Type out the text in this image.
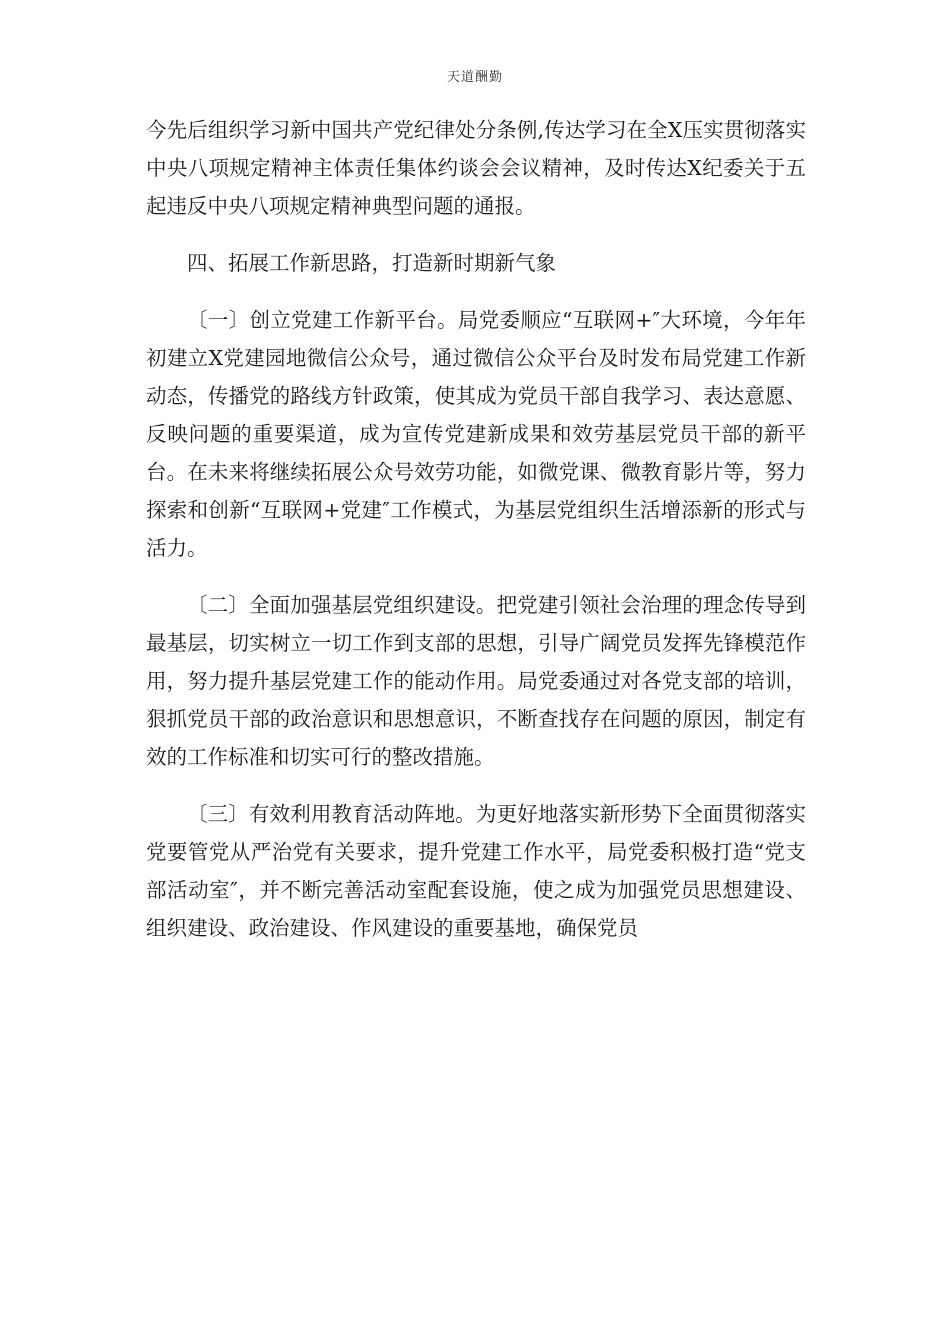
天道酬勤

今先后组织学习新中国共产党纪律处分条例,传达学习在全X压实贯彻落实中央八项规定精神主体责任集体约谈会会议精神，及时传达X纪委关于五起违反中央八项规定精神典型问题的通报。

四、拓展工作新思路，打造新时期新气象

〔一〕创立党建工作新平台。局党委顺应“互联网+″大环境，今年年初建立X党建园地微信公众号，通过微信公众平台及时发布局党建工作新动态，传播党的路线方针政策，使其成为党员干部自我学习、表达意愿、反映问题的重要渠道，成为宣传党建新成果和效劳基层党员干部的新平台。在未来将继续拓展公众号效劳功能，如微党课、微教育影片等，努力探索和创新“互联网+党建″工作模式，为基层党组织生活增添新的形式与活力。

〔二〕全面加强基层党组织建设。把党建引领社会治理的理念传导到最基层，切实树立一切工作到支部的思想，引导广阔党员发挥先锋模范作用，努力提升基层党建工作的能动作用。局党委通过对各党支部的培训，狠抓党员干部的政治意识和思想意识，不断查找存在问题的原因，制定有效的工作标准和切实可行的整改措施。

〔三〕有效利用教育活动阵地。为更好地落实新形势下全面贯彻落实党要管党从严治党有关要求，提升党建工作水平，局党委积极打造“党支部活动室″，并不断完善活动室配套设施，使之成为加强党员思想建设、组织建设、政治建设、作风建设的重要基地，确保党员
